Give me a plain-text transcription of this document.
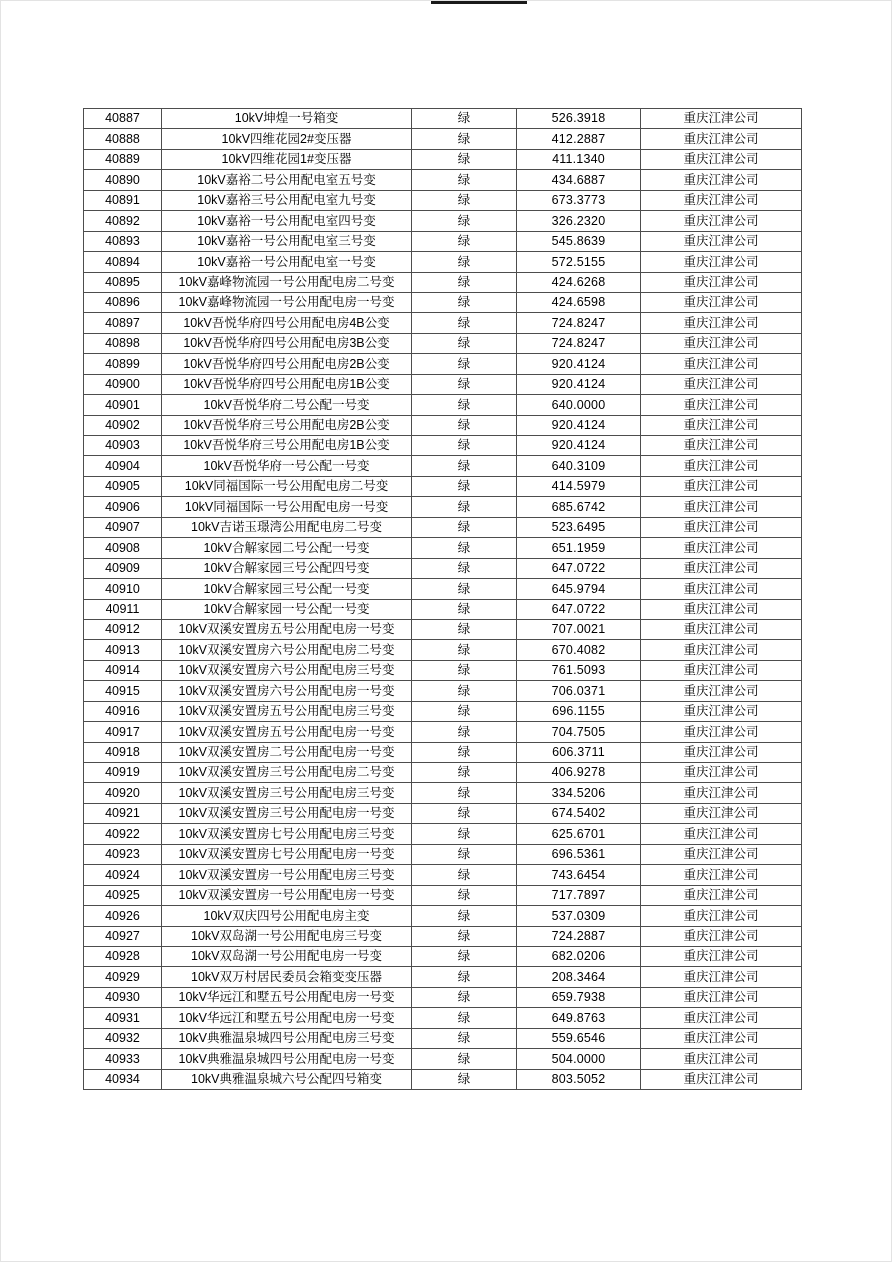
40887	10kV坤煌一号箱变	绿	526.3918	重庆江津公司
40888	10kV四维花园2#变压器	绿	412.2887	重庆江津公司
40889	10kV四维花园1#变压器	绿	411.1340	重庆江津公司
40890	10kV嘉裕二号公用配电室五号变	绿	434.6887	重庆江津公司
40891	10kV嘉裕三号公用配电室九号变	绿	673.3773	重庆江津公司
40892	10kV嘉裕一号公用配电室四号变	绿	326.2320	重庆江津公司
40893	10kV嘉裕一号公用配电室三号变	绿	545.8639	重庆江津公司
40894	10kV嘉裕一号公用配电室一号变	绿	572.5155	重庆江津公司
40895	10kV嘉峰物流园一号公用配电房二号变	绿	424.6268	重庆江津公司
40896	10kV嘉峰物流园一号公用配电房一号变	绿	424.6598	重庆江津公司
40897	10kV吾悦华府四号公用配电房4B公变	绿	724.8247	重庆江津公司
40898	10kV吾悦华府四号公用配电房3B公变	绿	724.8247	重庆江津公司
40899	10kV吾悦华府四号公用配电房2B公变	绿	920.4124	重庆江津公司
40900	10kV吾悦华府四号公用配电房1B公变	绿	920.4124	重庆江津公司
40901	10kV吾悦华府二号公配一号变	绿	640.0000	重庆江津公司
40902	10kV吾悦华府三号公用配电房2B公变	绿	920.4124	重庆江津公司
40903	10kV吾悦华府三号公用配电房1B公变	绿	920.4124	重庆江津公司
40904	10kV吾悦华府一号公配一号变	绿	640.3109	重庆江津公司
40905	10kV同福国际一号公用配电房二号变	绿	414.5979	重庆江津公司
40906	10kV同福国际一号公用配电房一号变	绿	685.6742	重庆江津公司
40907	10kV吉诺玉璟湾公用配电房二号变	绿	523.6495	重庆江津公司
40908	10kV合解家园二号公配一号变	绿	651.1959	重庆江津公司
40909	10kV合解家园三号公配四号变	绿	647.0722	重庆江津公司
40910	10kV合解家园三号公配一号变	绿	645.9794	重庆江津公司
40911	10kV合解家园一号公配一号变	绿	647.0722	重庆江津公司
40912	10kV双溪安置房五号公用配电房一号变	绿	707.0021	重庆江津公司
40913	10kV双溪安置房六号公用配电房二号变	绿	670.4082	重庆江津公司
40914	10kV双溪安置房六号公用配电房三号变	绿	761.5093	重庆江津公司
40915	10kV双溪安置房六号公用配电房一号变	绿	706.0371	重庆江津公司
40916	10kV双溪安置房五号公用配电房三号变	绿	696.1155	重庆江津公司
40917	10kV双溪安置房五号公用配电房一号变	绿	704.7505	重庆江津公司
40918	10kV双溪安置房二号公用配电房一号变	绿	606.3711	重庆江津公司
40919	10kV双溪安置房三号公用配电房二号变	绿	406.9278	重庆江津公司
40920	10kV双溪安置房三号公用配电房三号变	绿	334.5206	重庆江津公司
40921	10kV双溪安置房三号公用配电房一号变	绿	674.5402	重庆江津公司
40922	10kV双溪安置房七号公用配电房三号变	绿	625.6701	重庆江津公司
40923	10kV双溪安置房七号公用配电房一号变	绿	696.5361	重庆江津公司
40924	10kV双溪安置房一号公用配电房三号变	绿	743.6454	重庆江津公司
40925	10kV双溪安置房一号公用配电房一号变	绿	717.7897	重庆江津公司
40926	10kV双庆四号公用配电房主变	绿	537.0309	重庆江津公司
40927	10kV双岛湖一号公用配电房三号变	绿	724.2887	重庆江津公司
40928	10kV双岛湖一号公用配电房一号变	绿	682.0206	重庆江津公司
40929	10kV双万村居民委员会箱变变压器	绿	208.3464	重庆江津公司
40930	10kV华远江和墅五号公用配电房一号变	绿	659.7938	重庆江津公司
40931	10kV华远江和墅五号公用配电房一号变	绿	649.8763	重庆江津公司
40932	10kV典雅温泉城四号公用配电房三号变	绿	559.6546	重庆江津公司
40933	10kV典雅温泉城四号公用配电房一号变	绿	504.0000	重庆江津公司
40934	10kV典雅温泉城六号公配四号箱变	绿	803.5052	重庆江津公司
